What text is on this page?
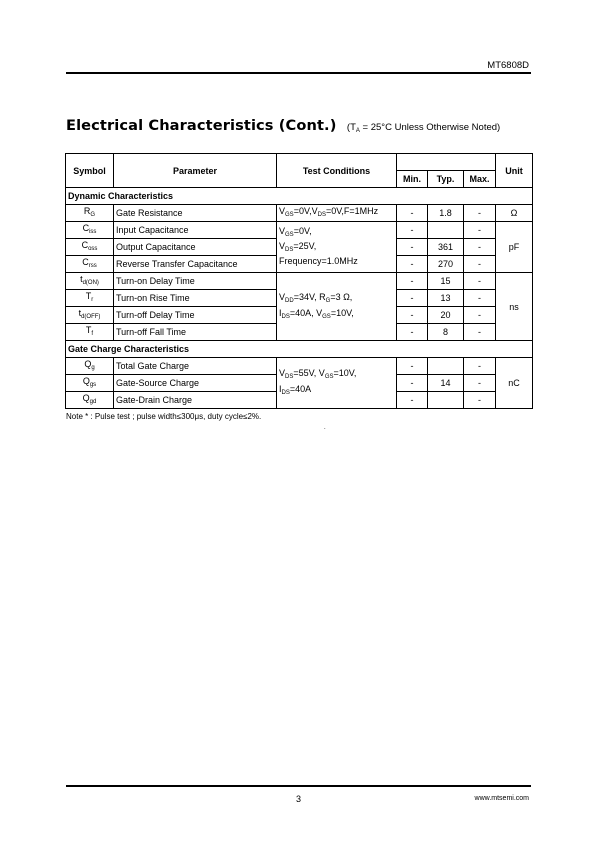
MT6808D
Electrical Characteristics (Cont.) ($T_A = 25^\circ C$ Unless Otherwise Noted)
Symbol	Parameter	Test Conditions				Unit
			Min.	Typ.	Max.	
Dynamic Characteristics						
$R_G$	Gate Resistance	$V_{GS}=0V,V_{DS}=0V,F=1MHz$	-	1.8	-	Ω
$C_{iss}$	Input Capacitance	$V_{GS}=0V$,
$V_{DS}=25V$,
Frequency=1.0MHz	-		-	pF
$C_{oss}$	Output Capacitance		-	361	-	
$C_{rss}$	Reverse Transfer Capacitance		-	270	-	
$t_{d(ON)}$	Turn-on Delay Time	$V_{DD}=34V$, $R_G=3$ Ω,
$I_{DS}=40A$, $V_{GS}=10V$,	-	15	-	ns
$T_r$	Turn-on Rise Time		-	13	-	
$t_{d(OFF)}$	Turn-off Delay Time		-	20	-	
$T_f$	Turn-off Fall Time		-	8	-	
Gate Charge Characteristics						
$Q_g$	Total Gate Charge	$V_{DS}=55V$, $V_{GS}=10V$,
$I_{DS}=40A$	-		-	nC
$Q_{gs}$	Gate-Source Charge		-	14	-	
$Q_{gd}$	Gate-Drain Charge		-		-	
Note * : Pulse test ; pulse width≤300μs, duty cycle≤2%.
.
3	www.mtsemi.com
